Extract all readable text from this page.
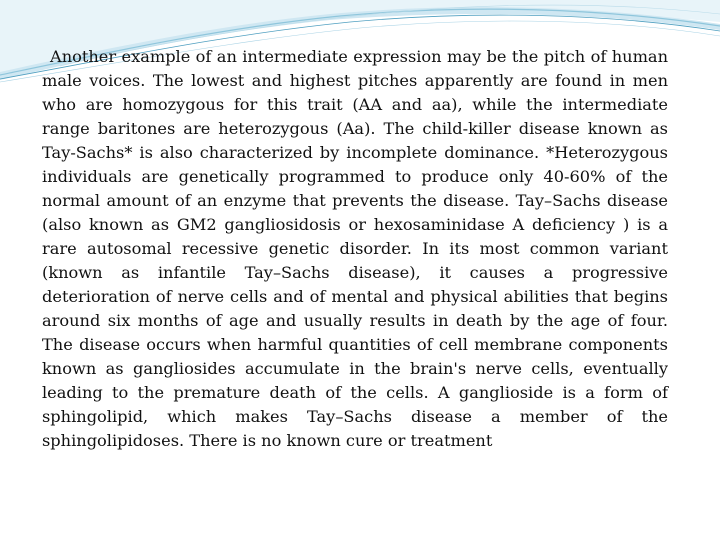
Another example of an intermediate expression may be the pitch of human male voices. The lowest and highest pitches apparently are found in men who are homozygous for this trait (AA and aa), while the intermediate range baritones are heterozygous (Aa). The child-killer disease known as Tay-Sachs* is also characterized by incomplete dominance. *Heterozygous individuals are genetically programmed to produce only 40-60% of the normal amount of an enzyme that prevents the disease. Tay–Sachs disease (also known as GM2 gangliosidosis or hexosaminidase A deficiency ) is a rare autosomal recessive genetic disorder. In its most common variant (known as infantile Tay–Sachs disease), it causes a progressive deterioration of nerve cells and of mental and physical abilities that begins around six months of age and usually results in death by the age of four. The disease occurs when harmful quantities of cell membrane components known as gangliosides accumulate in the brain's nerve cells, eventually leading to the premature death of the cells. A ganglioside is a form of sphingolipid, which makes Tay–Sachs disease a member of the sphingolipidoses. There is no known cure or treatment
